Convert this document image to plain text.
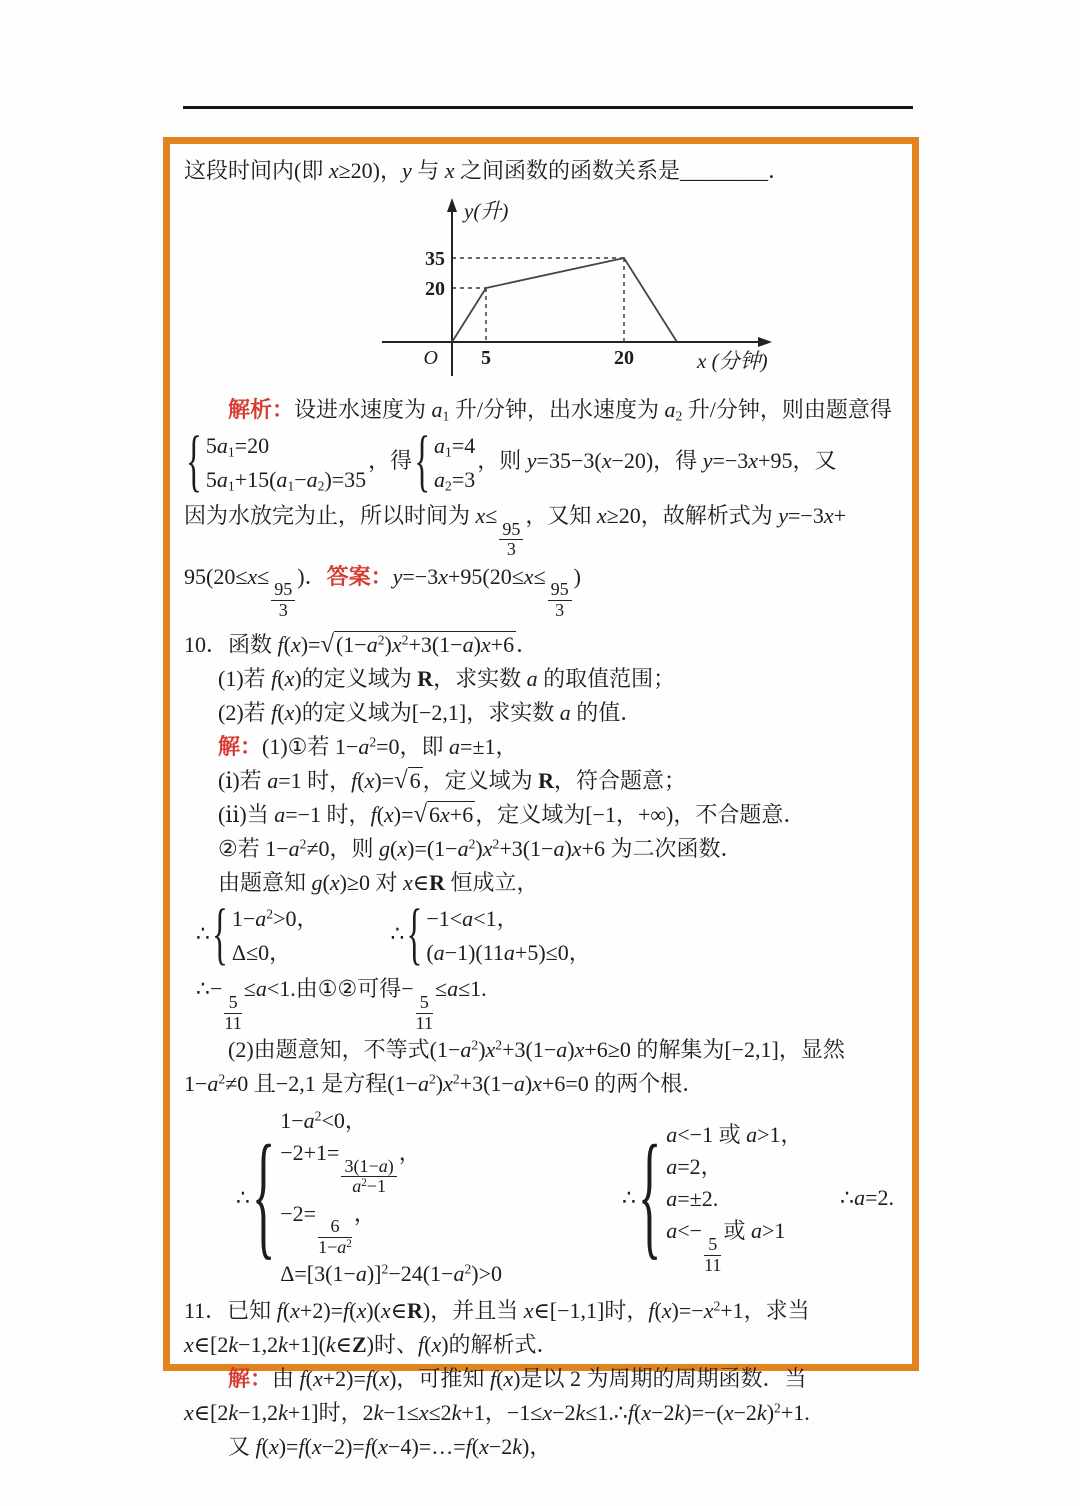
这段时间内(即 x≥20)，y 与 x 之间函数的函数关系是________．
y(升)
x (分钟)
35
20
O 5	20
解析：设进水速度为 $a_1$ 升/分钟，出水速度为 $a_2$ 升/分钟，则由题意得
{ $5a_1=20$
$5a_1+15(a_1-a_2)=35$
，得 { $a_1=4$
$a_2=3$
，则 y=35−3(x−20)，得 y=−3x+95，又
因为水放完为止，所以时间为 x≤
$\frac{95}{3}$
，又知 x≥20，故解析式为 y=−3x+
95(20≤x≤
$\frac{95}{3}$
)．答案：y=−3x+95(20≤x≤
$\frac{95}{3}$
)
10．函数 $f(x)=√(1-a^2)x^2+3(1-a)x+6$．
(1)若 f(x)的定义域为 R，求实数 a 的取值范围；
(2)若 f(x)的定义域为[−2,1]，求实数 a 的值．
解：(1)①若 $1-a^2=0$，即 a=±1，
(ⅰ)若 a=1 时，f(x)=√6，定义域为 R，符合题意；
(ⅱ)当 a=−1 时，f(x)=√6x+6，定义域为[−1，+∞)，不合题意．
②若 $1-a^2\ne 0$，则 $g(x)=(1-a^2)x^2+3(1-a)x+6$ 为二次函数．
由题意知 g(x)≥0 对 x∈R 恒成立，
∴ { $1-a^2>0$，
Δ≤0，
∴ { −1<a<1，
(a−1)(11a+5)≤0，
∴−
$\frac{5}{11}$
≤a<1.由①②可得−
$\frac{5}{11}$
≤a≤1.
(2)由题意知，不等式$(1-a^2)x^2+3(1-a)x+6\ge 0$ 的解集为[−2,1]，显然 $1-a^2\ne 0$ 且−2,1 是方程$(1-a^2)x^2+3(1-a)x+6=0$ 的两个根．
∴ { $1-a^2<0$，
−2+1=
$\frac{3(1-a)}{a^2-1}$
，
−2=
$\frac{6}{1-a^2}$
，
$\Delta=[3(1-a)]^2-24(1-a^2)>0$
∴ { a<−1 或 a>1，
a=2，
a=±2.
a<−
$\frac{5}{11}$
或 a>1
∴ a =2.
11．已知 f(x+2)=f(x)(x∈R)，并且当 x∈[−1,1]时，$f(x)=-x^2+1$，求当 x∈[2k−1,2k+1](k∈Z)时、f(x)的解析式．
解：由 f(x+2)=f(x)，可推知 f(x)是以 2 为周期的周期函数．当 x∈[2k−1,2k+1]时，2k−1≤x≤2k+1，$-1\le x-2k\le 1.\therefore f(x-2k)=-(x-2k)^2+1$.
又 f(x)=f(x−2)=f(x−4)=…=f(x−2k)，
